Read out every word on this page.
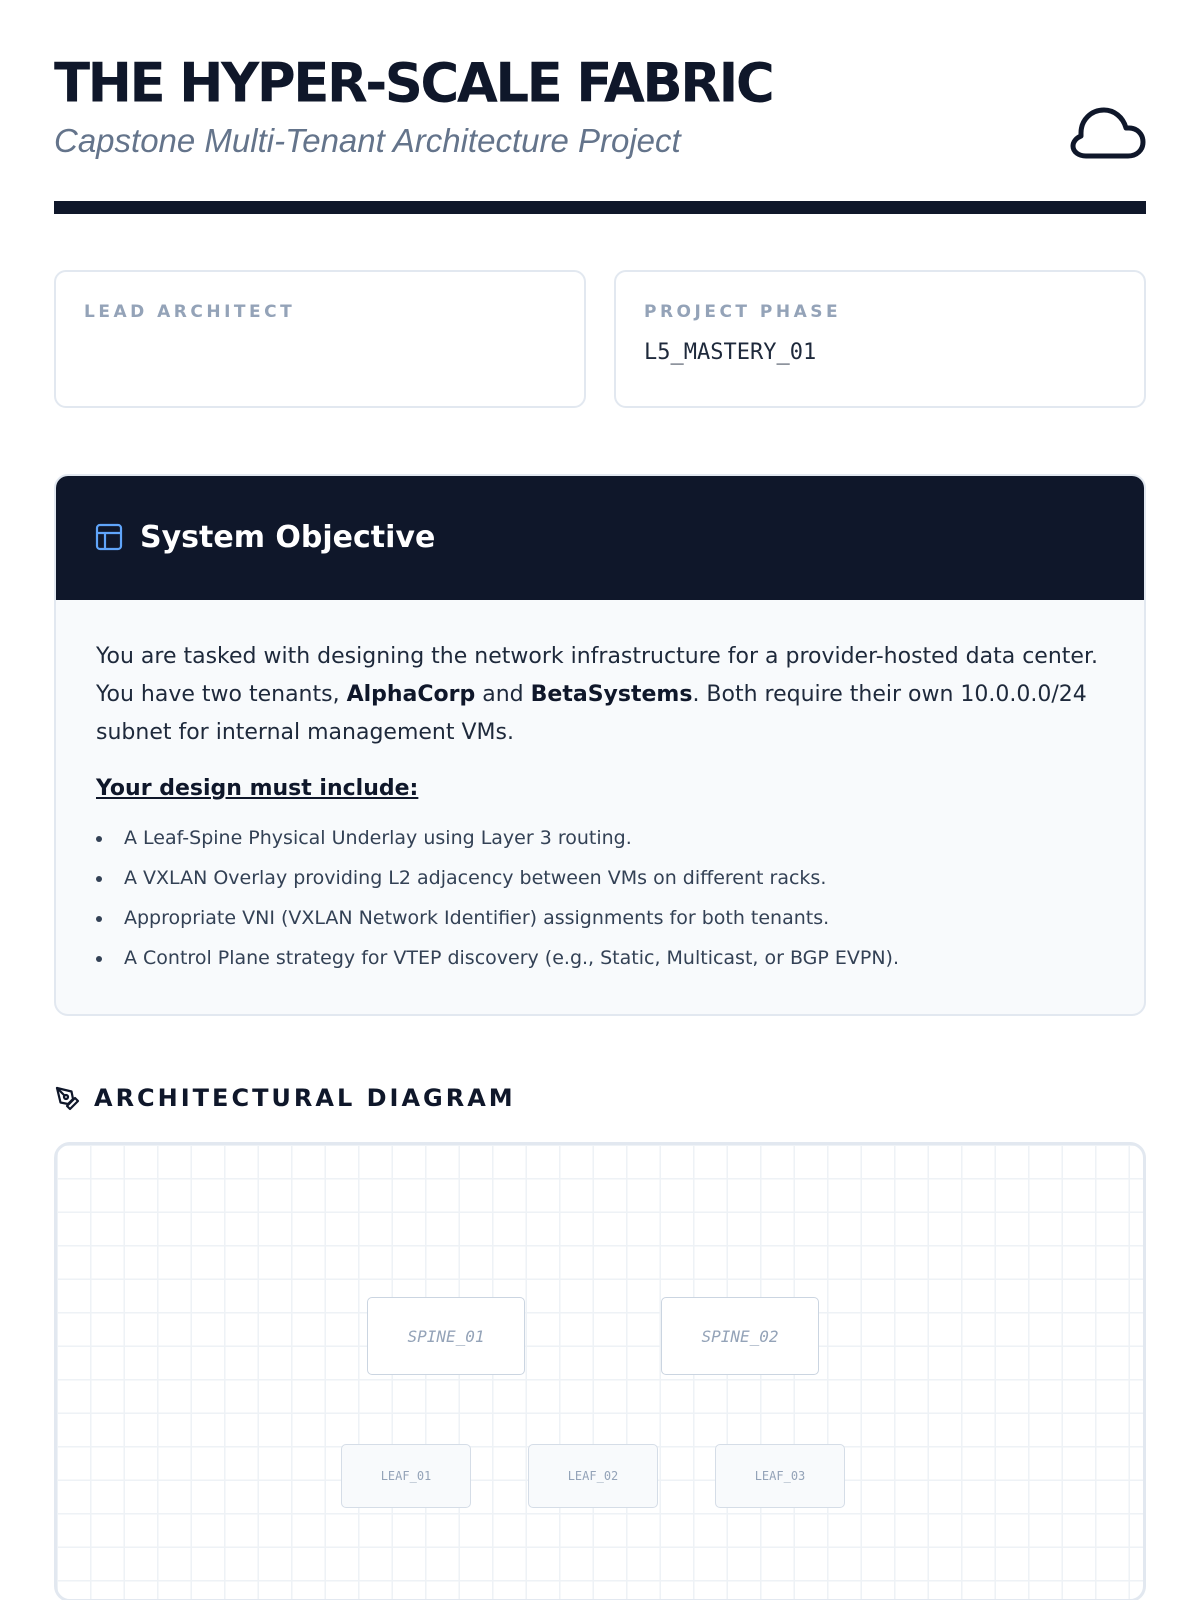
THE HYPER-SCALE FABRIC
Capstone Multi-Tenant Architecture Project
LEAD ARCHITECT	PROJECT PHASE
L5_MASTERY_01
System Objective

You are tasked with designing the network infrastructure for a provider-hosted data center. You have two tenants, AlphaCorp and BetaSystems. Both require their own 10.0.0.0/24 subnet for internal management VMs.

Your design must include:
A Leaf-Spine Physical Underlay using Layer 3 routing.
A VXLAN Overlay providing L2 adjacency between VMs on different racks.
Appropriate VNI (VXLAN Network Identifier) assignments for both tenants.
A Control Plane strategy for VTEP discovery (e.g., Static, Multicast, or BGP EVPN).
ARCHITECTURAL DIAGRAM
SPINE_01	SPINE_02
LEAF_01	LEAF_02	LEAF_03
